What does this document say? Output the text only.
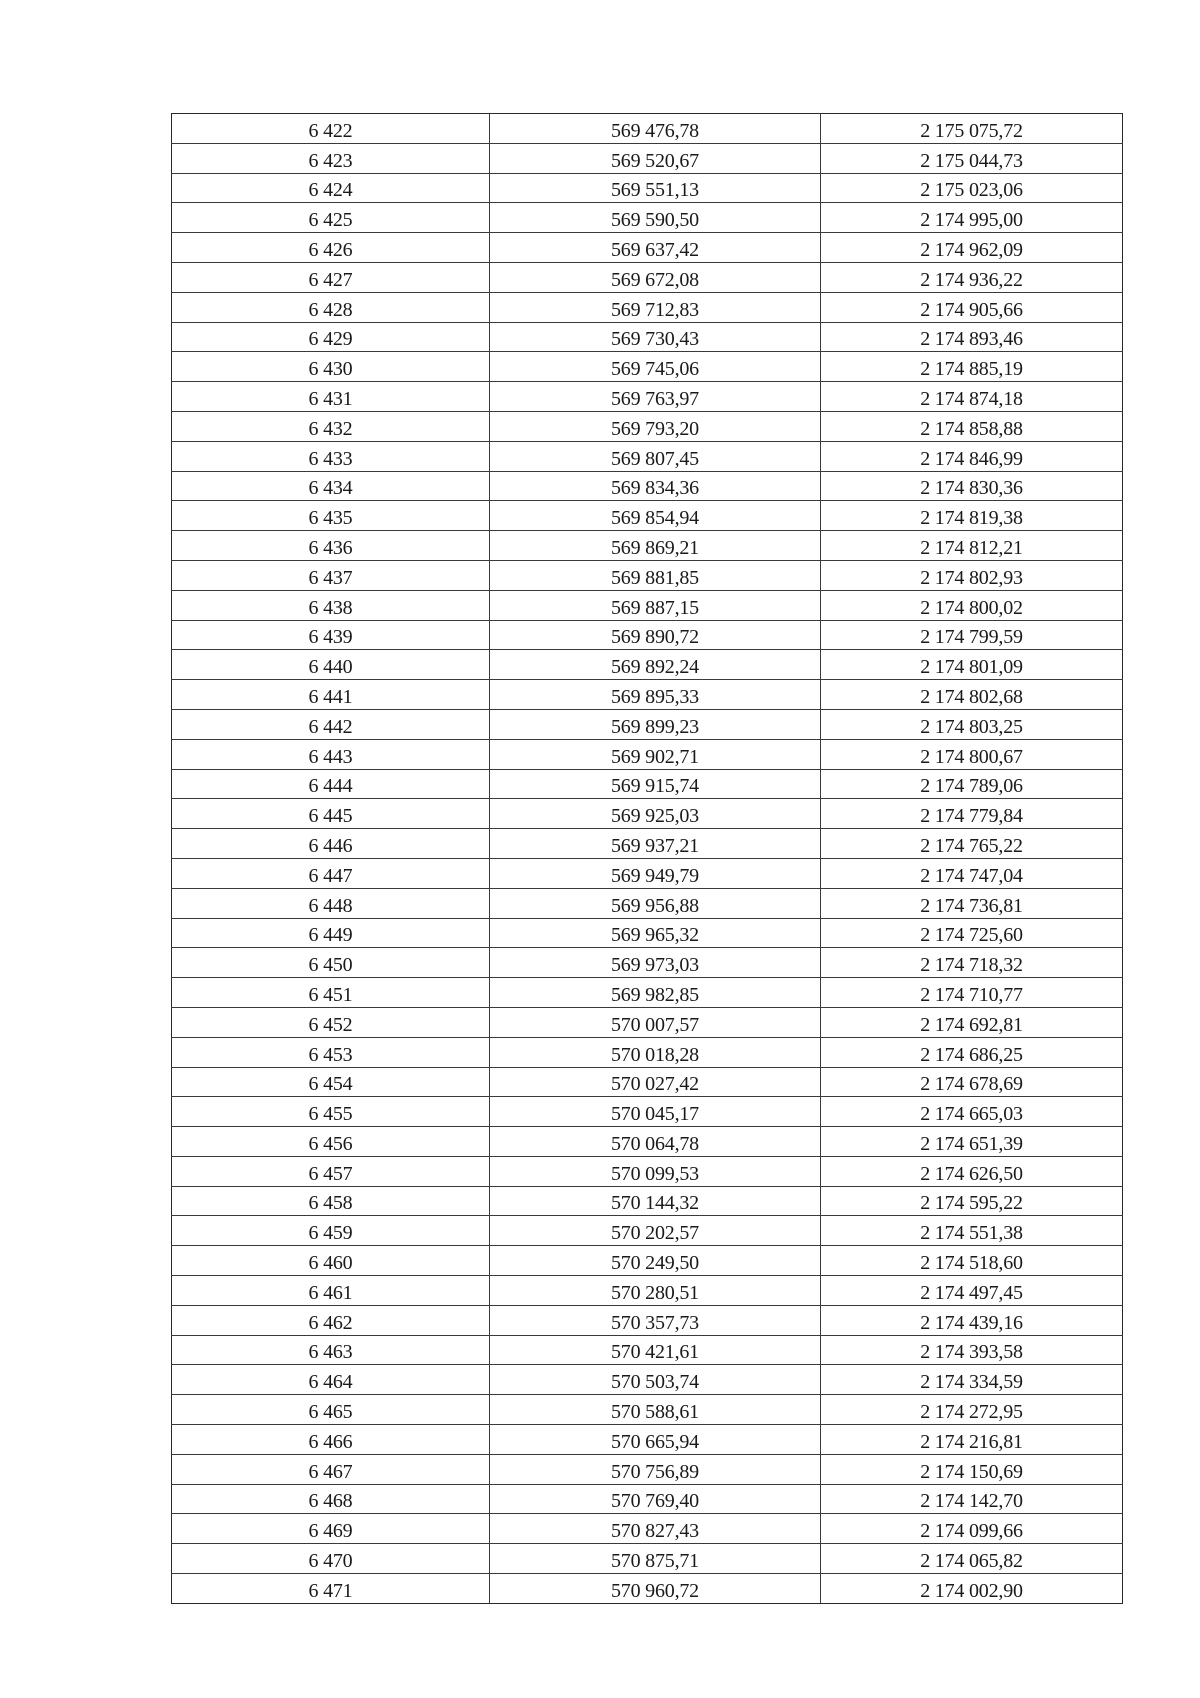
6 422	569 476,78	2 175 075,72
6 423	569 520,67	2 175 044,73
6 424	569 551,13	2 175 023,06
6 425	569 590,50	2 174 995,00
6 426	569 637,42	2 174 962,09
6 427	569 672,08	2 174 936,22
6 428	569 712,83	2 174 905,66
6 429	569 730,43	2 174 893,46
6 430	569 745,06	2 174 885,19
6 431	569 763,97	2 174 874,18
6 432	569 793,20	2 174 858,88
6 433	569 807,45	2 174 846,99
6 434	569 834,36	2 174 830,36
6 435	569 854,94	2 174 819,38
6 436	569 869,21	2 174 812,21
6 437	569 881,85	2 174 802,93
6 438	569 887,15	2 174 800,02
6 439	569 890,72	2 174 799,59
6 440	569 892,24	2 174 801,09
6 441	569 895,33	2 174 802,68
6 442	569 899,23	2 174 803,25
6 443	569 902,71	2 174 800,67
6 444	569 915,74	2 174 789,06
6 445	569 925,03	2 174 779,84
6 446	569 937,21	2 174 765,22
6 447	569 949,79	2 174 747,04
6 448	569 956,88	2 174 736,81
6 449	569 965,32	2 174 725,60
6 450	569 973,03	2 174 718,32
6 451	569 982,85	2 174 710,77
6 452	570 007,57	2 174 692,81
6 453	570 018,28	2 174 686,25
6 454	570 027,42	2 174 678,69
6 455	570 045,17	2 174 665,03
6 456	570 064,78	2 174 651,39
6 457	570 099,53	2 174 626,50
6 458	570 144,32	2 174 595,22
6 459	570 202,57	2 174 551,38
6 460	570 249,50	2 174 518,60
6 461	570 280,51	2 174 497,45
6 462	570 357,73	2 174 439,16
6 463	570 421,61	2 174 393,58
6 464	570 503,74	2 174 334,59
6 465	570 588,61	2 174 272,95
6 466	570 665,94	2 174 216,81
6 467	570 756,89	2 174 150,69
6 468	570 769,40	2 174 142,70
6 469	570 827,43	2 174 099,66
6 470	570 875,71	2 174 065,82
6 471	570 960,72	2 174 002,90
